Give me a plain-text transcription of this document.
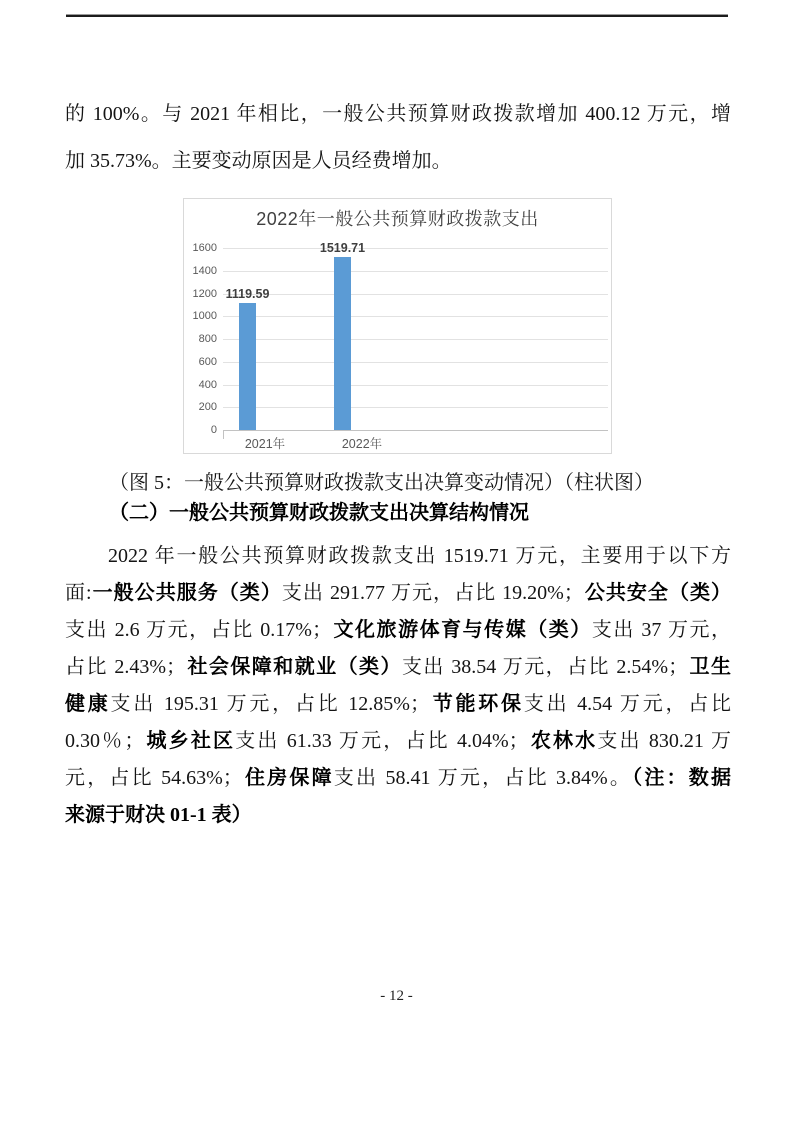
的 100%。与 2021 年相比，一般公共预算财政拨款增加 400.12 万元，增
加 35.73%。主要变动原因是人员经费增加。
2022年一般公共预算财政拨款支出
0
200
400
600
800
1000
1200
1400
1600
1119.59
2021年
1519.71
2022年
（图 5：一般公共预算财政拨款支出决算变动情况）（柱状图）
（二）一般公共预算财政拨款支出决算结构情况
2022 年一般公共预算财政拨款支出 1519.71 万元，主要用于以下方
面:一般公共服务（类）支出 291.77 万元，占比 19.20%；公共安全（类）
支出 2.6 万元，占比 0.17%；文化旅游体育与传媒（类）支出 37 万元，
占比 2.43%；社会保障和就业（类）支出 38.54 万元，占比 2.54%；卫生
健康支出 195.31 万元，占比 12.85%；节能环保支出 4.54 万元，占比
0.30％；城乡社区支出 61.33 万元，占比 4.04%；农林水支出 830.21 万
元，占比 54.63%；住房保障支出 58.41 万元，占比 3.84%。（注：数据
来源于财决 01-1 表）
- 12 -
